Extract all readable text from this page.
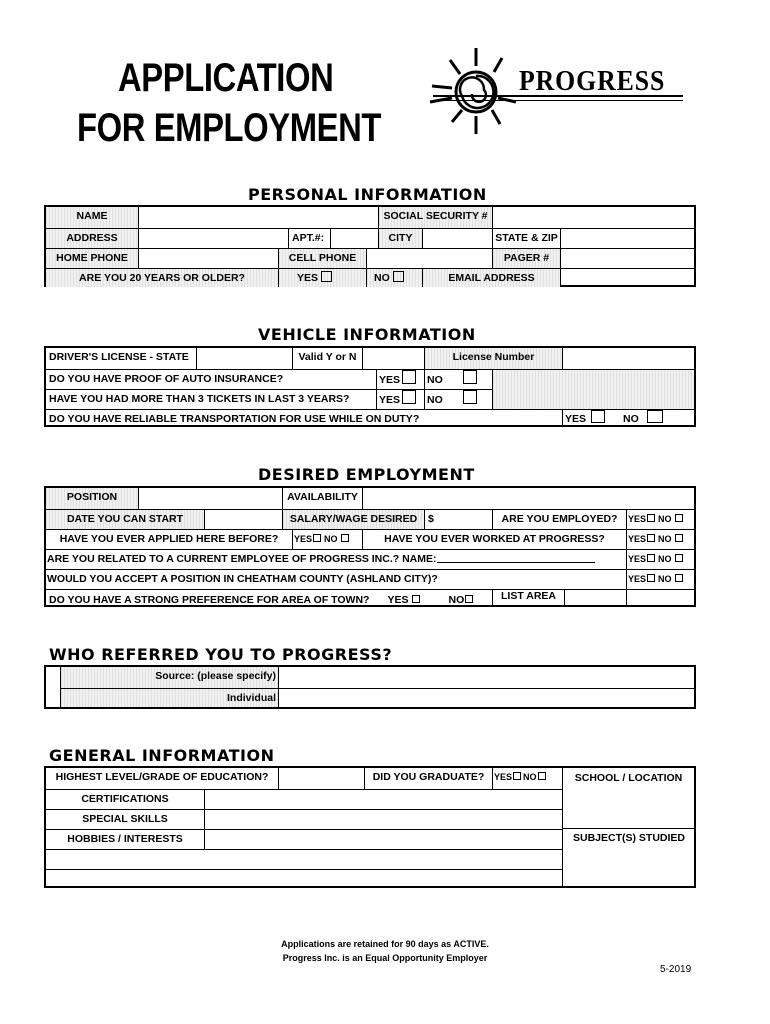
APPLICATION
FOR EMPLOYMENT
PROGRESS
PERSONAL INFORMATION
NAME	SOCIAL SECURITY #
ADDRESS	APT.#:	CITY	STATE & ZIP
HOME PHONE	CELL PHONE	PAGER #
ARE YOU 20 YEARS OR OLDER?	YES	NO	EMAIL ADDRESS
VEHICLE INFORMATION
DRIVER'S LICENSE - STATE	Valid Y or N	License Number
DO YOU HAVE PROOF OF AUTO INSURANCE?	YES	NO
HAVE YOU HAD MORE THAN 3 TICKETS IN LAST 3 YEARS?	YES	NO
DO YOU HAVE RELIABLE TRANSPORTATION FOR USE WHILE ON DUTY?	YES	NO
DESIRED EMPLOYMENT
POSITION	AVAILABILITY
DATE YOU CAN START	SALARY/WAGE DESIRED	$	ARE YOU EMPLOYED?	YES NO
HAVE YOU EVER APPLIED HERE BEFORE?	YES NO	HAVE YOU EVER WORKED AT PROGRESS?	YES NO
ARE YOU RELATED TO A CURRENT EMPLOYEE OF PROGRESS INC.? NAME:	YES NO
WOULD YOU ACCEPT A POSITION IN CHEATHAM COUNTY (ASHLAND CITY)?	YES NO
DO YOU HAVE A STRONG PREFERENCE FOR AREA OF TOWN? YES	NO	LIST AREA
WHO REFERRED YOU TO PROGRESS?
Source: (please specify)
Individual
GENERAL INFORMATION
HIGHEST LEVEL/GRADE OF EDUCATION?	DID YOU GRADUATE?	YES NO	SCHOOL / LOCATION
SUBJECT(S) STUDIED
CERTIFICATIONS
SPECIAL SKILLS
HOBBIES / INTERESTS
Applications are retained for 90 days as ACTIVE.
Progress Inc. is an Equal Opportunity Employer
5-2019
